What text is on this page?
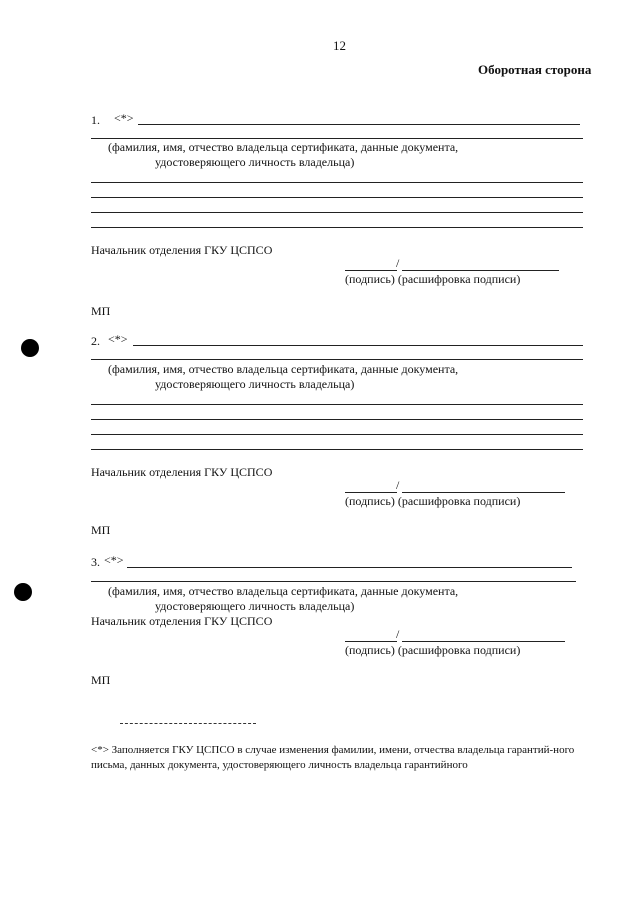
12
Оборотная сторона
1. <*>
(фамилия, имя, отчество владельца сертификата, данные документа,
удостоверяющего личность владельца)
Начальник отделения ГКУ ЦСПСО
/
(подпись) (расшифровка подписи)
МП
2. <*>
(фамилия, имя, отчество владельца сертификата, данные документа,
удостоверяющего личность владельца)
Начальник отделения ГКУ ЦСПСО
/
(подпись) (расшифровка подписи)
МП
3. <*>
(фамилия, имя, отчество владельца сертификата, данные документа,
удостоверяющего личность владельца)
Начальник отделения ГКУ ЦСПСО
/
(подпись) (расшифровка подписи)
МП
<*> Заполняется ГКУ ЦСПСО в случае изменения фамилии, имени, отчества владельца гарантий-ного письма, данных документа, удостоверяющего личность владельца гарантийного
